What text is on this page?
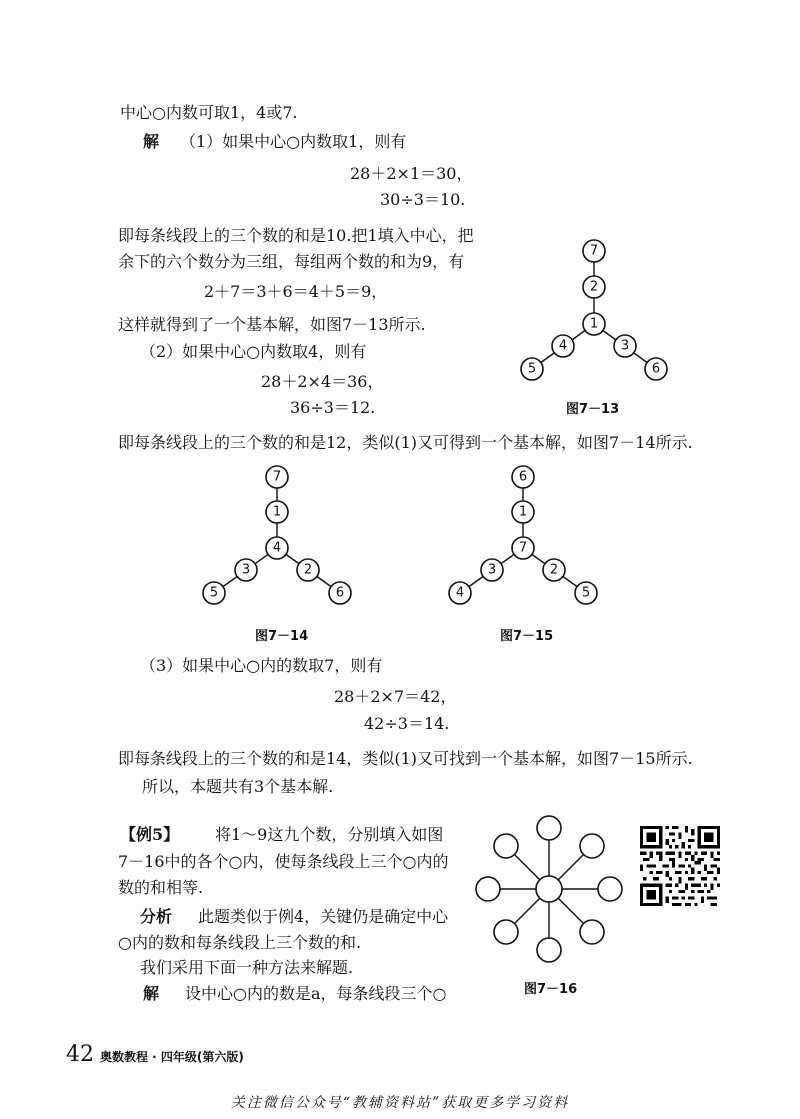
中心○内数可取1，4或7.
解 （1）如果中心○内数取1，则有
28＋2×1＝30，
30÷3＝10.
即每条线段上的三个数的和是10.把1填入中心，把
余下的六个数分为三组，每组两个数的和为9，有
2＋7＝3＋6＝4＋5＝9，
这样就得到了一个基本解，如图7－13所示.
（2）如果中心○内数取4，则有
28＋2×4＝36，
36÷3＝12.
即每条线段上的三个数的和是12，类似(1)又可得到一个基本解，如图7－14所示.
7
2
1
4
5
3
6
图7－13
7
1
4
3
5
2
6
图7－14
6
1
7
3
4
2
5
图7－15
（3）如果中心○内的数取7，则有
28＋2×7＝42，
42÷3＝14.
即每条线段上的三个数的和是14，类似(1)又可找到一个基本解，如图7－15所示.
所以，本题共有3个基本解.
【例5】 将1～9这九个数，分别填入如图
7－16中的各个○内，使每条线段上三个○内的
数的和相等.
分析 此题类似于例4，关键仍是确定中心
○内的数和每条线段上三个数的和.
我们采用下面一种方法来解题.
解 设中心○内的数是a，每条线段三个○	图7－16
42 奥数教程 · 四年级(第六版)
关注微信公众号“教辅资料站”获取更多学习资料
